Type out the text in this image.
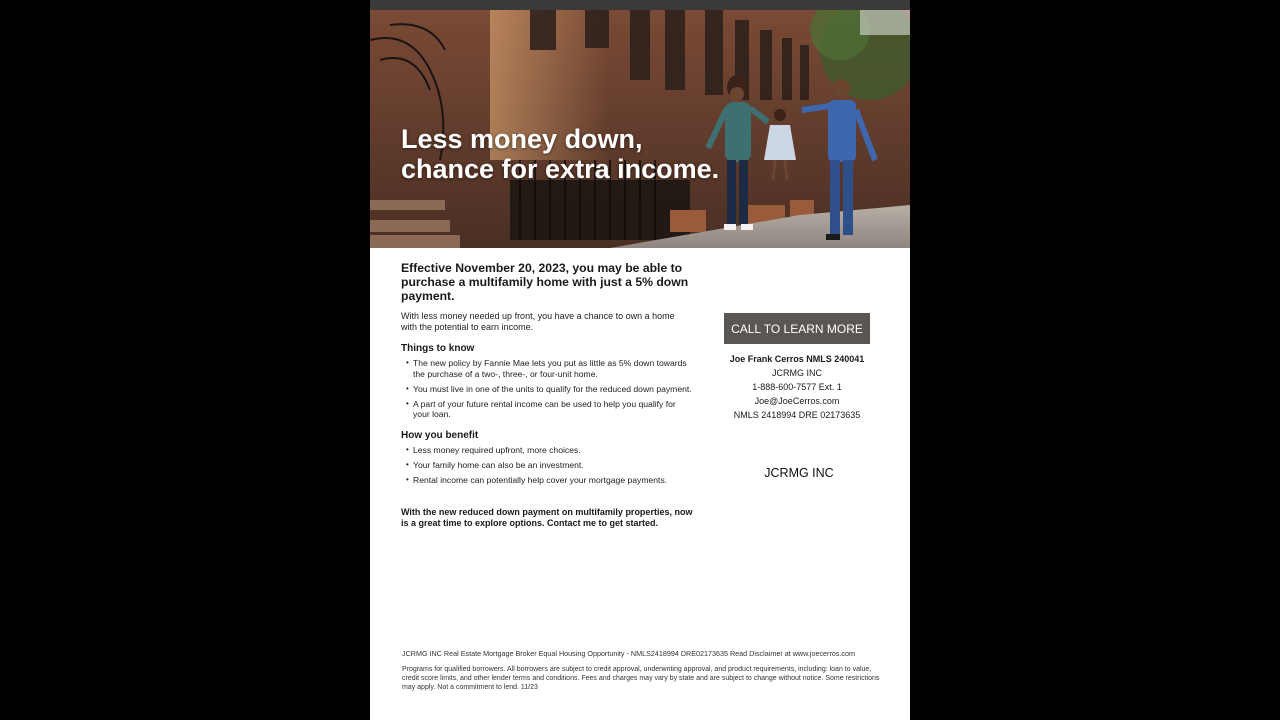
Less money down,
chance for extra income.
Effective November 20, 2023, you may be able to purchase a multifamily home with just a 5% down payment.
With less money needed up front, you have a chance to own a home with the potential to earn income.
Things to know
• The new policy by Fannie Mae lets you put as little as 5% down towards the purchase of a two-, three-, or four-unit home.
• You must live in one of the units to qualify for the reduced down payment.
• A part of your future rental income can be used to help you qualify for your loan.
How you benefit
• Less money required upfront, more choices.
• Your family home can also be an investment.
• Rental income can potentially help cover your mortgage payments.
With the new reduced down payment on multifamily properties, now is a great time to explore options. Contact me to get started.
CALL TO LEARN MORE
Joe Frank Cerros NMLS 240041
JCRMG INC
1-888-600-7577 Ext. 1
Joe@JoeCerros.com
NMLS 2418994 DRE 02173635
JCRMG INC
JCRMG INC Real Estate Mortgage Broker Equal Housing Opportunity - NMLS2418994 DRE02173635 Read Disclaimer at www.joecerros.com
Programs for qualified borrowers. All borrowers are subject to credit approval, underwriting approval, and product requirements, including: loan to value, credit score limits, and other lender terms and conditions. Fees and charges may vary by state and are subject to change without notice. Some restrictions may apply. Not a commitment to lend. 11/23
